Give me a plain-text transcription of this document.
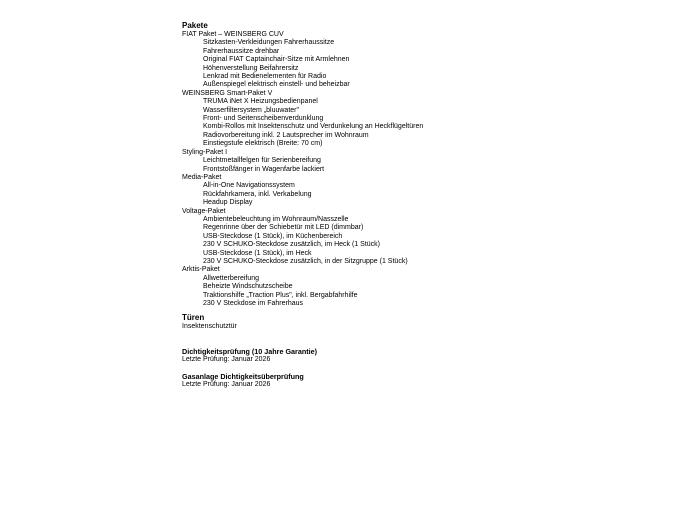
Pakete
FIAT Paket – WEINSBERG CUV
Sitzkasten-Verkleidungen Fahrerhaussitze
Fahrerhaussitze drehbar
Original FIAT Captainchair-Sitze mit Armlehnen
Höhenverstellung Beifahrersitz
Lenkrad mit Bedienelementen für Radio
Außenspiegel elektrisch einstell- und beheizbar
WEINSBERG Smart-Paket V
TRUMA iNet X Heizungsbedienpanel
Wasserfiltersystem „bluuwater"
Front- und Seitenscheibenverdunklung
Kombi-Rollos mit Insektenschutz und Verdunkelung an Heckflügeltüren
Radiovorbereitung inkl. 2 Lautsprecher im Wohnraum
Einstiegstufe elektrisch (Breite: 70 cm)
Styling-Paket I
Leichtmetallfelgen für Serienbereifung
Frontstoßfänger in Wagenfarbe lackiert
Media-Paket
All-in-One Navigationssystem
Rückfahrkamera, inkl. Verkabelung
Headup Display
Voltage-Paket
Ambientebeleuchtung im Wohnraum/Nasszelle
Regenrinne über der Schiebetür mit LED (dimmbar)
USB-Steckdose (1 Stück), im Küchenbereich
230 V SCHUKO-Steckdose zusätzlich, im Heck (1 Stück)
USB-Steckdose (1 Stück), im Heck
230 V SCHUKO-Steckdose zusätzlich, in der Sitzgruppe (1 Stück)
Arktis-Paket
Allwetterbereifung
Beheizte Windschutzscheibe
Traktionshilfe „Traction Plus", inkl. Bergabfahrhilfe
230 V Steckdose im Fahrerhaus
Türen
Insektenschutztür
Dichtigkeitsprüfung (10 Jahre Garantie)
Letzte Prüfung: Januar 2026
Gasanlage Dichtigkeitsüberprüfung
Letzte Prüfung: Januar 2026
